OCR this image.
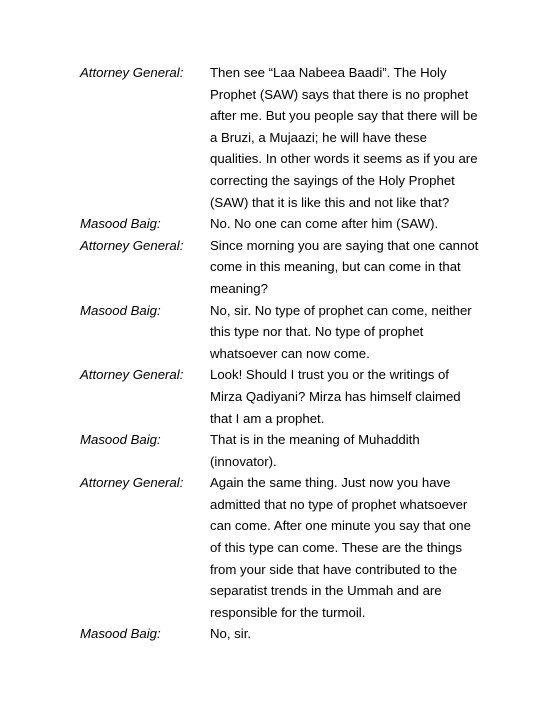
Attorney General:	Then see “Laa Nabeea Baadi”. The Holy
Prophet (SAW) says that there is no prophet
after me. But you people say that there will be
a Bruzi, a Mujaazi; he will have these
qualities. In other words it seems as if you are
correcting the sayings of the Holy Prophet
(SAW) that it is like this and not like that?
Masood Baig:	No. No one can come after him (SAW).
Attorney General:	Since morning you are saying that one cannot
come in this meaning, but can come in that
meaning?
Masood Baig:	No, sir. No type of prophet can come, neither
this type nor that. No type of prophet
whatsoever can now come.
Attorney General:	Look! Should I trust you or the writings of
Mirza Qadiyani? Mirza has himself claimed
that I am a prophet.
Masood Baig:	That is in the meaning of Muhaddith
(innovator).
Attorney General:	Again the same thing. Just now you have
admitted that no type of prophet whatsoever
can come. After one minute you say that one
of this type can come. These are the things
from your side that have contributed to the
separatist trends in the Ummah and are
responsible for the turmoil.
Masood Baig:	No, sir.
